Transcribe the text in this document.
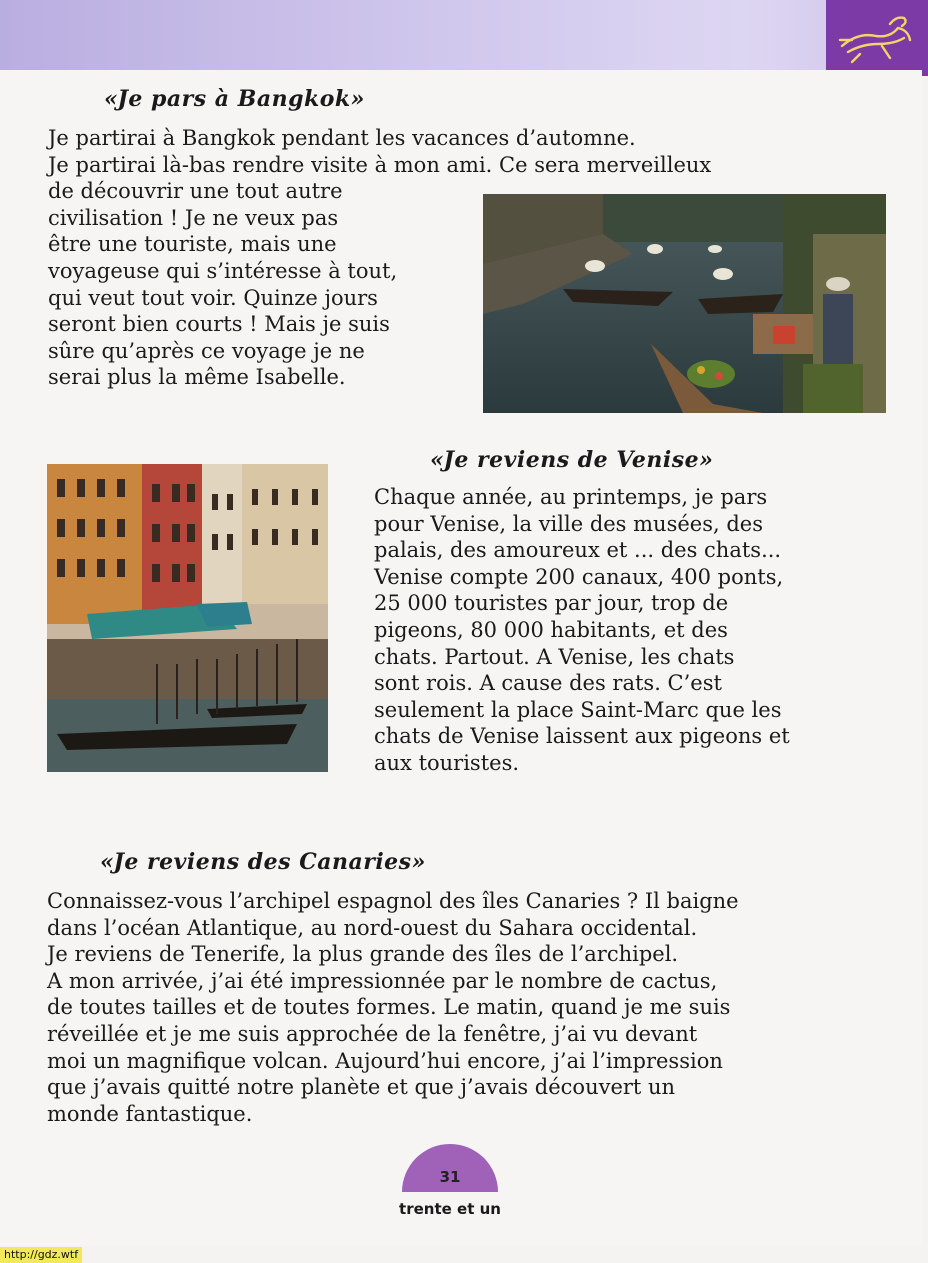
«Je pars à Bangkok»
Je partirai à Bangkok pendant les vacances d’automne.
Je partirai là-bas rendre visite à mon ami. Ce sera merveilleux
de découvrir une tout autre
civilisation ! Je ne veux pas
être une touriste, mais une
voyageuse qui s’intéresse à tout,
qui veut tout voir. Quinze jours
seront bien courts ! Mais je suis
sûre qu’après ce voyage je ne
serai plus la même Isabelle.
«Je reviens de Venise»
Chaque année, au printemps, je pars
pour Venise, la ville des musées, des
palais, des amoureux et ... des chats...
Venise compte 200 canaux, 400 ponts,
25 000 touristes par jour, trop de
pigeons, 80 000 habitants, et des
chats. Partout. A Venise, les chats
sont rois. A cause des rats. C’est
seulement la place Saint-Marc que les
chats de Venise laissent aux pigeons et
aux touristes.
«Je reviens des Canaries»
Connaissez-vous l’archipel espagnol des îles Canaries ? Il baigne
dans l’océan Atlantique, au nord-ouest du Sahara occidental.
Je reviens de Tenerife, la plus grande des îles de l’archipel.
A mon arrivée, j’ai été impressionnée par le nombre de cactus,
de toutes tailles et de toutes formes. Le matin, quand je me suis
réveillée et je me suis approchée de la fenêtre, j’ai vu devant
moi un magnifique volcan. Aujourd’hui encore, j’ai l’impression
que j’avais quitté notre planète et que j’avais découvert un
monde fantastique.
31
trente et un
http://gdz.wtf
